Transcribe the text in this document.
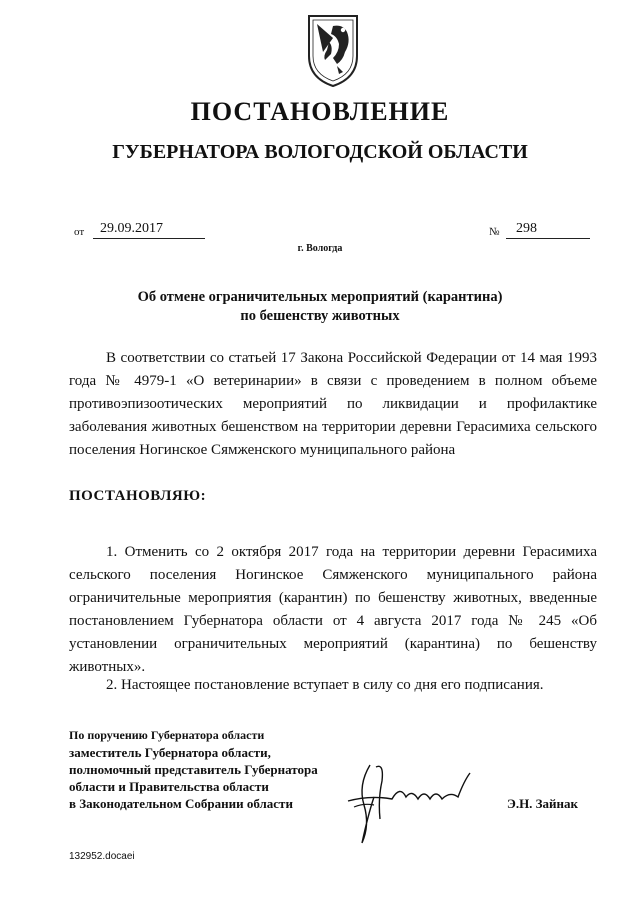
ПОСТАНОВЛЕНИЕ
ГУБЕРНАТОРА ВОЛОГОДСКОЙ ОБЛАСТИ
от 29.09.2017	№ 298
г. Вологда
Об отмене ограничительных мероприятий (карантина)
по бешенству животных
В соответствии со статьей 17 Закона Российской Федерации от 14 мая 1993 года № 4979-1 «О ветеринарии» в связи с проведением в полном объеме противоэпизоотических мероприятий по ликвидации и профилактике заболевания животных бешенством на территории деревни Герасимиха сельского поселения Ногинское Сямженского муниципального района
ПОСТАНОВЛЯЮ:
1. Отменить со 2 октября 2017 года на территории деревни Герасимиха сельского поселения Ногинское Сямженского муниципального района ограничительные мероприятия (карантин) по бешенству животных, введенные постановлением Губернатора области от 4 августа 2017 года № 245 «Об установлении ограничительных мероприятий (карантина) по бешенству животных».
2. Настоящее постановление вступает в силу со дня его подписания.
По поручению Губернатора области
заместитель Губернатора области,
полномочный представитель Губернатора
области и Правительства области
в Законодательном Собрании области	Э.Н. Зайнак
132952.docaei
